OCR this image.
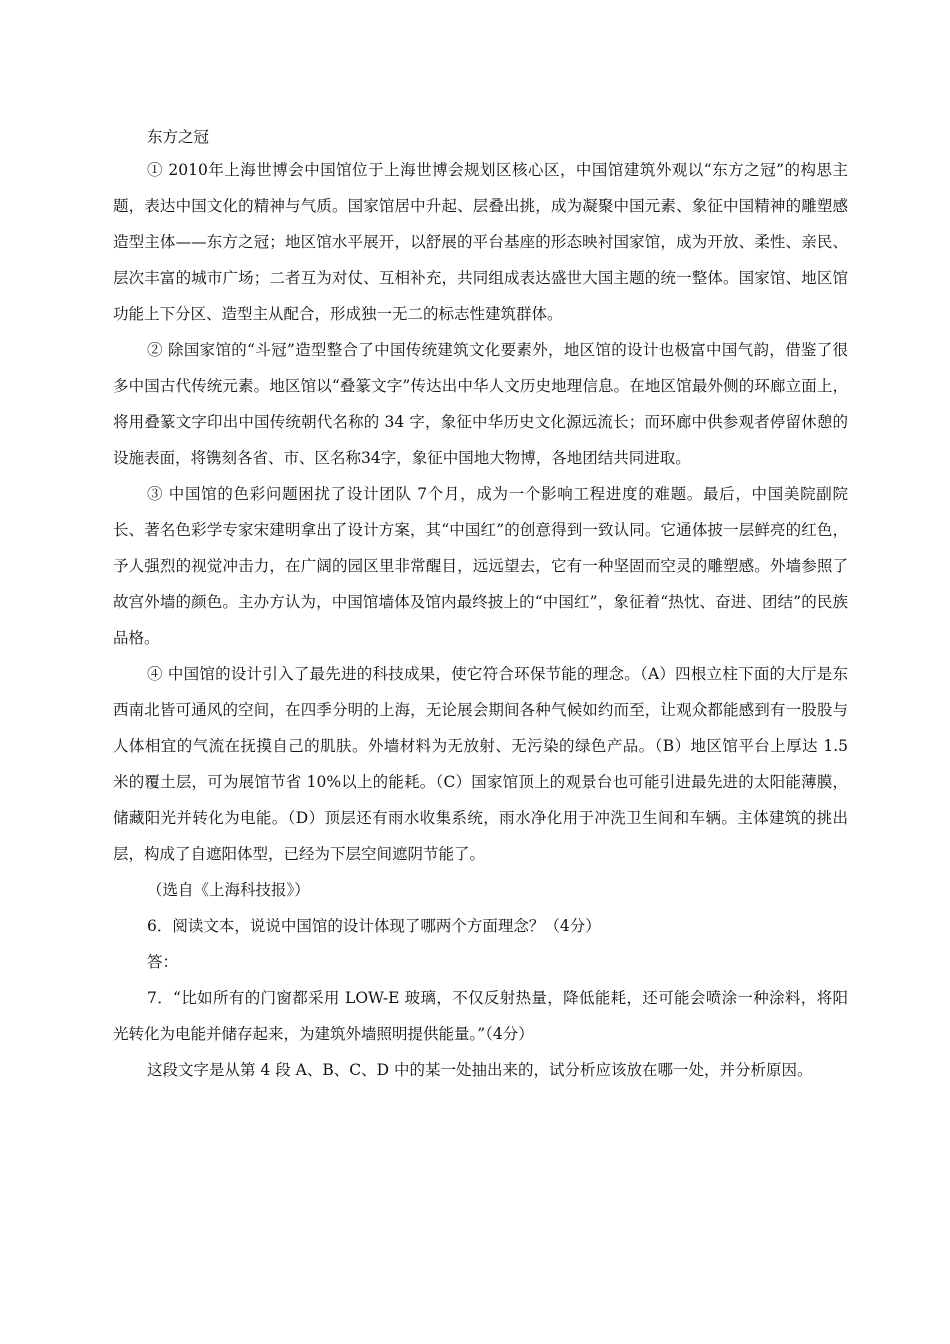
东方之冠

① 2010年上海世博会中国馆位于上海世博会规划区核心区，中国馆建筑外观以“东方之冠”的构思主题，表达中国文化的精神与气质。国家馆居中升起、层叠出挑，成为凝聚中国元素、象征中国精神的雕塑感造型主体——东方之冠；地区馆水平展开，以舒展的平台基座的形态映衬国家馆，成为开放、柔性、亲民、层次丰富的城市广场；二者互为对仗、互相补充，共同组成表达盛世大国主题的统一整体。国家馆、地区馆功能上下分区、造型主从配合，形成独一无二的标志性建筑群体。

② 除国家馆的“斗冠”造型整合了中国传统建筑文化要素外，地区馆的设计也极富中国气韵，借鉴了很多中国古代传统元素。地区馆以“叠篆文字”传达出中华人文历史地理信息。在地区馆最外侧的环廊立面上，将用叠篆文字印出中国传统朝代名称的 34 字，象征中华历史文化源远流长；而环廊中供参观者停留休憩的设施表面，将镌刻各省、市、区名称34字，象征中国地大物博，各地团结共同进取。

③ 中国馆的色彩问题困扰了设计团队 7个月，成为一个影响工程进度的难题。最后，中国美院副院长、著名色彩学专家宋建明拿出了设计方案，其“中国红”的创意得到一致认同。它通体披一层鲜亮的红色，予人强烈的视觉冲击力，在广阔的园区里非常醒目，远远望去，它有一种坚固而空灵的雕塑感。外墙参照了故宫外墙的颜色。主办方认为，中国馆墙体及馆内最终披上的“中国红”，象征着“热忱、奋进、团结”的民族品格。

④ 中国馆的设计引入了最先进的科技成果，使它符合环保节能的理念。（A）四根立柱下面的大厅是东西南北皆可通风的空间，在四季分明的上海，无论展会期间各种气候如约而至，让观众都能感到有一股股与人体相宜的气流在抚摸自己的肌肤。外墙材料为无放射、无污染的绿色产品。（B）地区馆平台上厚达 1.5 米的覆土层，可为展馆节省 10%以上的能耗。（C）国家馆顶上的观景台也可能引进最先进的太阳能薄膜，储藏阳光并转化为电能。（D）顶层还有雨水收集系统，雨水净化用于冲洗卫生间和车辆。主体建筑的挑出层，构成了自遮阳体型，已经为下层空间遮阴节能了。

（选自《上海科技报》）

6．阅读文本，说说中国馆的设计体现了哪两个方面理念？（4分）

答：

7．“比如所有的门窗都采用 LOW-E 玻璃，不仅反射热量，降低能耗，还可能会喷涂一种涂料，将阳光转化为电能并储存起来，为建筑外墙照明提供能量。”（4分）

这段文字是从第 4 段 A、B、C、D 中的某一处抽出来的，试分析应该放在哪一处，并分析原因。
